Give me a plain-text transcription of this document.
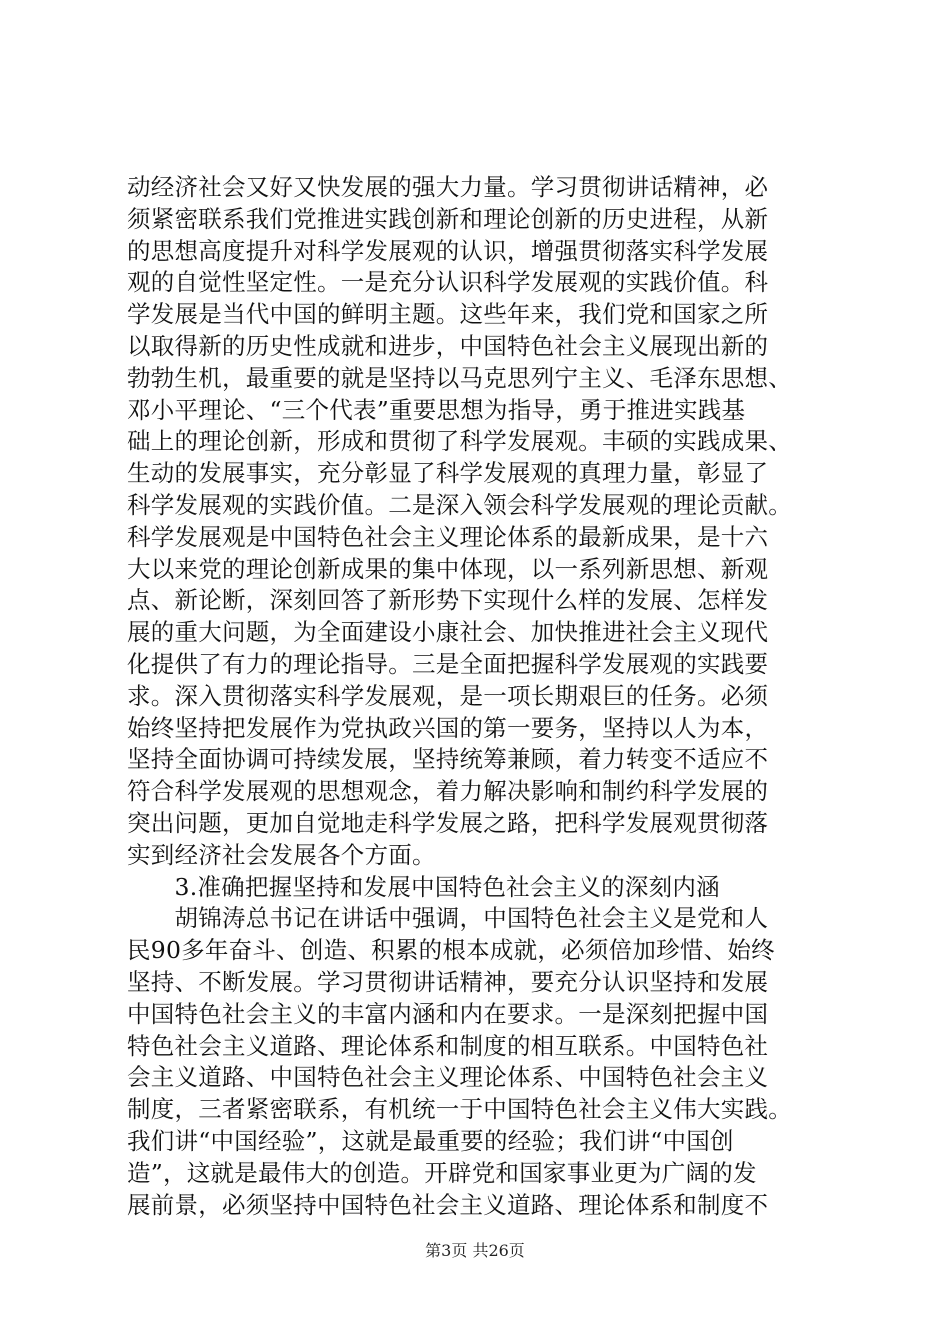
动经济社会又好又快发展的强大力量。学习贯彻讲话精神，必
须紧密联系我们党推进实践创新和理论创新的历史进程，从新
的思想高度提升对科学发展观的认识，增强贯彻落实科学发展
观的自觉性坚定性。一是充分认识科学发展观的实践价值。科
学发展是当代中国的鲜明主题。这些年来，我们党和国家之所
以取得新的历史性成就和进步，中国特色社会主义展现出新的
勃勃生机，最重要的就是坚持以马克思列宁主义、毛泽东思想、
邓小平理论、“三个代表”重要思想为指导，勇于推进实践基
础上的理论创新，形成和贯彻了科学发展观。丰硕的实践成果、
生动的发展事实，充分彰显了科学发展观的真理力量，彰显了
科学发展观的实践价值。二是深入领会科学发展观的理论贡献。
科学发展观是中国特色社会主义理论体系的最新成果，是十六
大以来党的理论创新成果的集中体现，以一系列新思想、新观
点、新论断，深刻回答了新形势下实现什么样的发展、怎样发
展的重大问题，为全面建设小康社会、加快推进社会主义现代
化提供了有力的理论指导。三是全面把握科学发展观的实践要
求。深入贯彻落实科学发展观，是一项长期艰巨的任务。必须
始终坚持把发展作为党执政兴国的第一要务，坚持以人为本，
坚持全面协调可持续发展，坚持统筹兼顾，着力转变不适应不
符合科学发展观的思想观念，着力解决影响和制约科学发展的
突出问题，更加自觉地走科学发展之路，把科学发展观贯彻落
实到经济社会发展各个方面。
　　3.准确把握坚持和发展中国特色社会主义的深刻内涵
　　胡锦涛总书记在讲话中强调，中国特色社会主义是党和人
民90多年奋斗、创造、积累的根本成就，必须倍加珍惜、始终
坚持、不断发展。学习贯彻讲话精神，要充分认识坚持和发展
中国特色社会主义的丰富内涵和内在要求。一是深刻把握中国
特色社会主义道路、理论体系和制度的相互联系。中国特色社
会主义道路、中国特色社会主义理论体系、中国特色社会主义
制度，三者紧密联系，有机统一于中国特色社会主义伟大实践。
我们讲“中国经验”，这就是最重要的经验；我们讲“中国创
造”，这就是最伟大的创造。开辟党和国家事业更为广阔的发
展前景，必须坚持中国特色社会主义道路、理论体系和制度不
第3页 共26页
